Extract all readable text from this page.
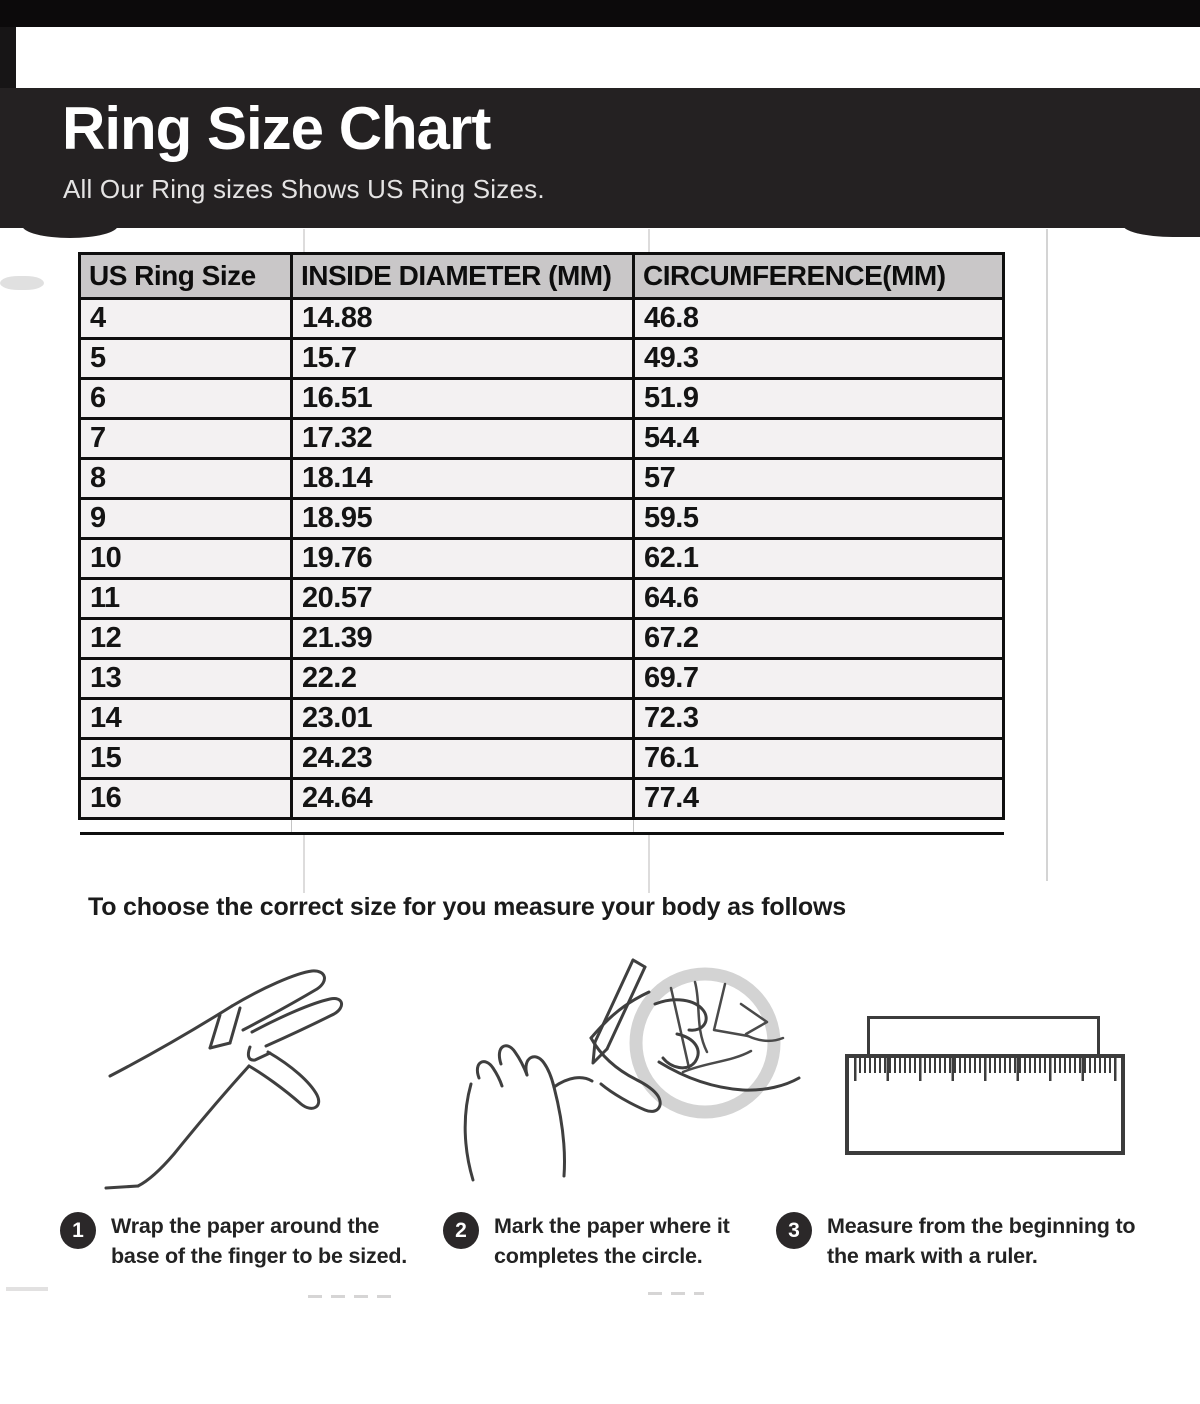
Ring Size Chart

All Our Ring sizes Shows US Ring Sizes.

US Ring Size	INSIDE DIAMETER (MM)	CIRCUMFERENCE(MM)
4	14.88	46.8
5	15.7	49.3
6	16.51	51.9
7	17.32	54.4
8	18.14	57
9	18.95	59.5
10	19.76	62.1
11	20.57	64.6
12	21.39	67.2
13	22.2	69.7
14	23.01	72.3
15	24.23	76.1
16	24.64	77.4

To choose the correct size for you measure your body as follows

1	Wrap the paper around the
base of the finger to be sized.
2	Mark the paper where it
completes the circle.
3	Measure from the beginning to
the mark with a ruler.
